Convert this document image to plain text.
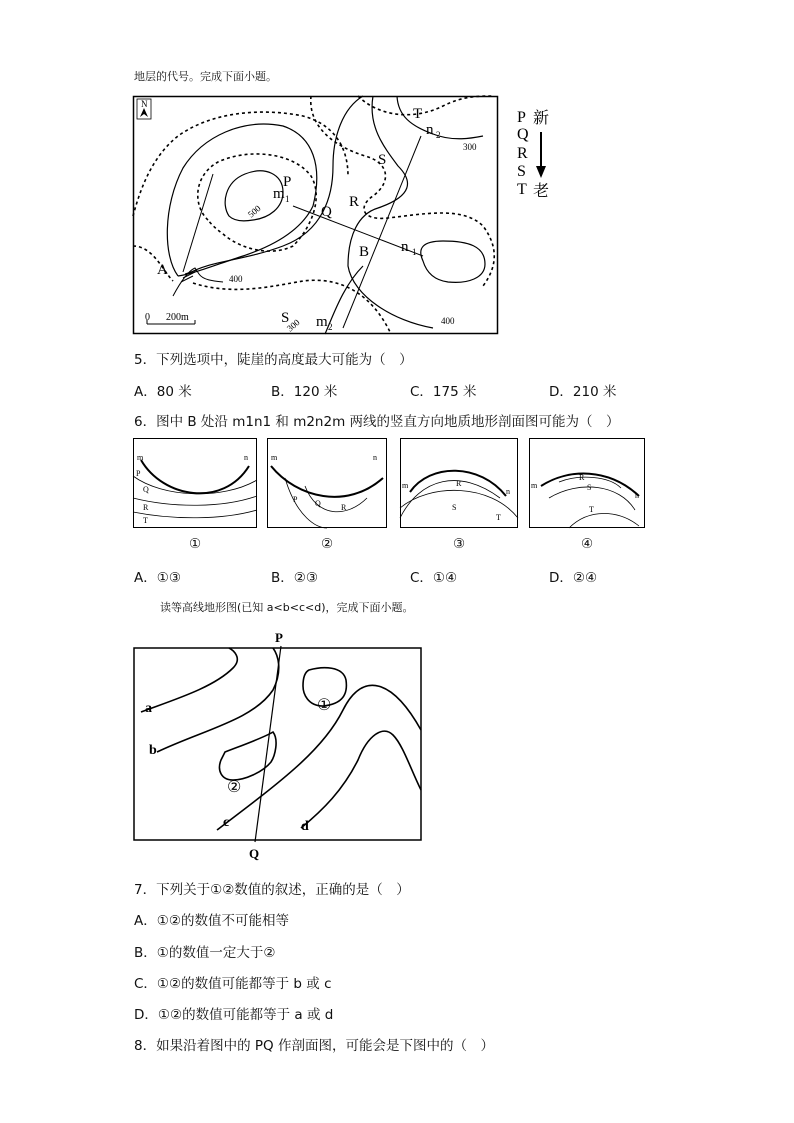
地层的代号。完成下面小题。
N
T
n 2
S
P
m 1
Q
R
B n 1
A
S m 2
300
500
400
400
300
0 200m
P 新
Q
R
S
T 老
5．下列选项中，陡崖的高度最大可能为（　）
A．80 米	B．120 米	C．175 米	D．210 米
6．图中 B 处沿 m1n1 和 m2n2m 两线的竖直方向地质地形剖面图可能为（　）
m	n
P
Q
R
T
①
m	n
P Q	R
②
m
n
R
S
T
③
m
n
R
S
T
④
A．①③	B．②③	C．①④	D．②④
读等高线地形图(已知 a<b<c<d)，完成下面小题。
P
Q
a
b
c	d
①
②
7．下列关于①②数值的叙述，正确的是（　）
A．①②的数值不可能相等
B．①的数值一定大于②
C．①②的数值可能都等于 b 或 c
D．①②的数值可能都等于 a 或 d
8．如果沿着图中的 PQ 作剖面图，可能会是下图中的（　）
